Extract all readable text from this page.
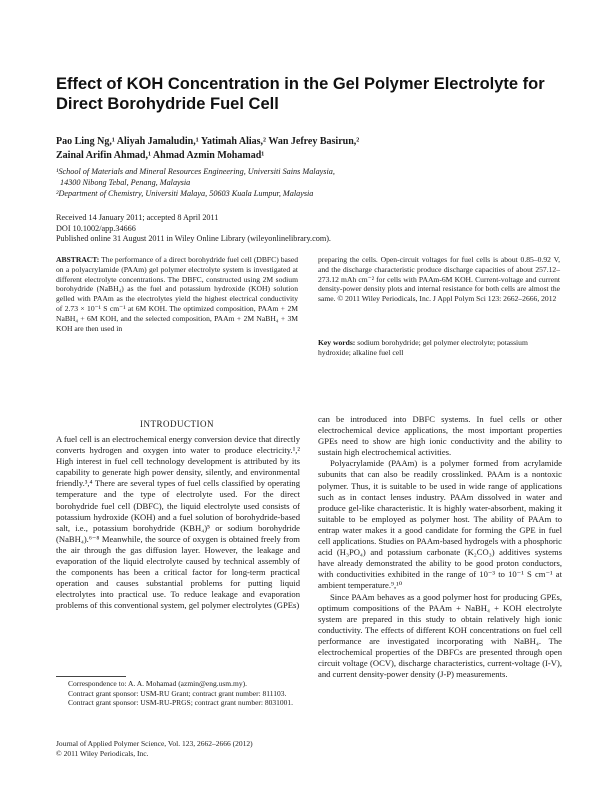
Effect of KOH Concentration in the Gel Polymer Electrolyte for Direct Borohydride Fuel Cell
Pao Ling Ng,¹ Aliyah Jamaludin,¹ Yatimah Alias,² Wan Jefrey Basirun,²
Zainal Arifin Ahmad,¹ Ahmad Azmin Mohamad¹
¹School of Materials and Mineral Resources Engineering, Universiti Sains Malaysia,
14300 Nibong Tebal, Penang, Malaysia
²Department of Chemistry, Universiti Malaya, 50603 Kuala Lumpur, Malaysia
Received 14 January 2011; accepted 8 April 2011
DOI 10.1002/app.34666
Published online 31 August 2011 in Wiley Online Library (wileyonlinelibrary.com).
ABSTRACT: The performance of a direct borohydride fuel cell (DBFC) based on a polyacrylamide (PAAm) gel polymer electrolyte system is investigated at different electrolyte concentrations. The DBFC, constructed using 2M sodium borohydride (NaBH₄) as the fuel and potassium hydroxide (KOH) solution gelled with PAAm as the electrolytes yield the highest electrical conductivity of 2.73 × 10⁻¹ S cm⁻¹ at 6M KOH. The optimized composition, PAAm + 2M NaBH₄ + 6M KOH, and the selected composition, PAAm + 2M NaBH₄ + 3M KOH are then used in
preparing the cells. Open-circuit voltages for fuel cells is about 0.85–0.92 V, and the discharge characteristic produce discharge capacities of about 257.12–273.12 mAh cm⁻² for cells with PAAm-6M KOH. Current-voltage and current density-power density plots and internal resistance for both cells are almost the same. © 2011 Wiley Periodicals, Inc. J Appl Polym Sci 123: 2662–2666, 2012
Key words: sodium borohydride; gel polymer electrolyte; potassium hydroxide; alkaline fuel cell
INTRODUCTION

A fuel cell is an electrochemical energy conversion device that directly converts hydrogen and oxygen into water to produce electricity.¹,² High interest in fuel cell technology development is attributed by its capability to generate high power density, silently, and environmental friendly.³,⁴ There are several types of fuel cells classified by operating temperature and the type of electrolyte used. For the direct borohydride fuel cell (DBFC), the liquid electrolyte used consists of potassium hydroxide (KOH) and a fuel solution of borohydride-based salt, i.e., potassium borohydride (KBH₄)⁵ or sodium borohydride (NaBH₄).⁶⁻⁸ Meanwhile, the source of oxygen is obtained freely from the air through the gas diffusion layer. However, the leakage and evaporation of the liquid electrolyte caused by technical assembly of the components has been a critical factor for long-term practical operation and causes substantial problems for putting liquid electrolytes into practical use. To reduce leakage and evaporation problems of this conventional system, gel polymer electrolytes (GPEs)

can be introduced into DBFC systems. In fuel cells or other electrochemical device applications, the most important properties GPEs need to show are high ionic conductivity and the ability to sustain high electrochemical activities.

Polyacrylamide (PAAm) is a polymer formed from acrylamide subunits that can also be readily crosslinked. PAAm is a nontoxic polymer. Thus, it is suitable to be used in wide range of applications such as in contact lenses industry. PAAm dissolved in water and produce gel-like characteristic. It is highly water-absorbent, making it suitable to be employed as polymer host. The ability of PAAm to entrap water makes it a good candidate for forming the GPE in fuel cell applications. Studies on PAAm-based hydrogels with a phosphoric acid (H₃PO₄) and potassium carbonate (K₂CO₃) additives systems have already demonstrated the ability to be good proton conductors, with conductivities exhibited in the range of 10⁻³ to 10⁻¹ S cm⁻¹ at ambient temperature.⁹,¹⁰

Since PAAm behaves as a good polymer host for producing GPEs, optimum compositions of the PAAm + NaBH₄ + KOH electrolyte system are prepared in this study to obtain relatively high ionic conductivity. The effects of different KOH concentrations on fuel cell performance are investigated incorporating with NaBH₄. The electrochemical properties of the DBFCs are presented through open circuit voltage (OCV), discharge characteristics, current-voltage (I-V), and current density-power density (J-P) measurements.

Correspondence to: A. A. Mohamad (azmin@eng.usm.my).
Contract grant sponsor: USM-RU Grant; contract grant number: 811103.
Contract grant sponsor: USM-RU-PRGS; contract grant number: 8031001.
Journal of Applied Polymer Science, Vol. 123, 2662–2666 (2012)
© 2011 Wiley Periodicals, Inc.
